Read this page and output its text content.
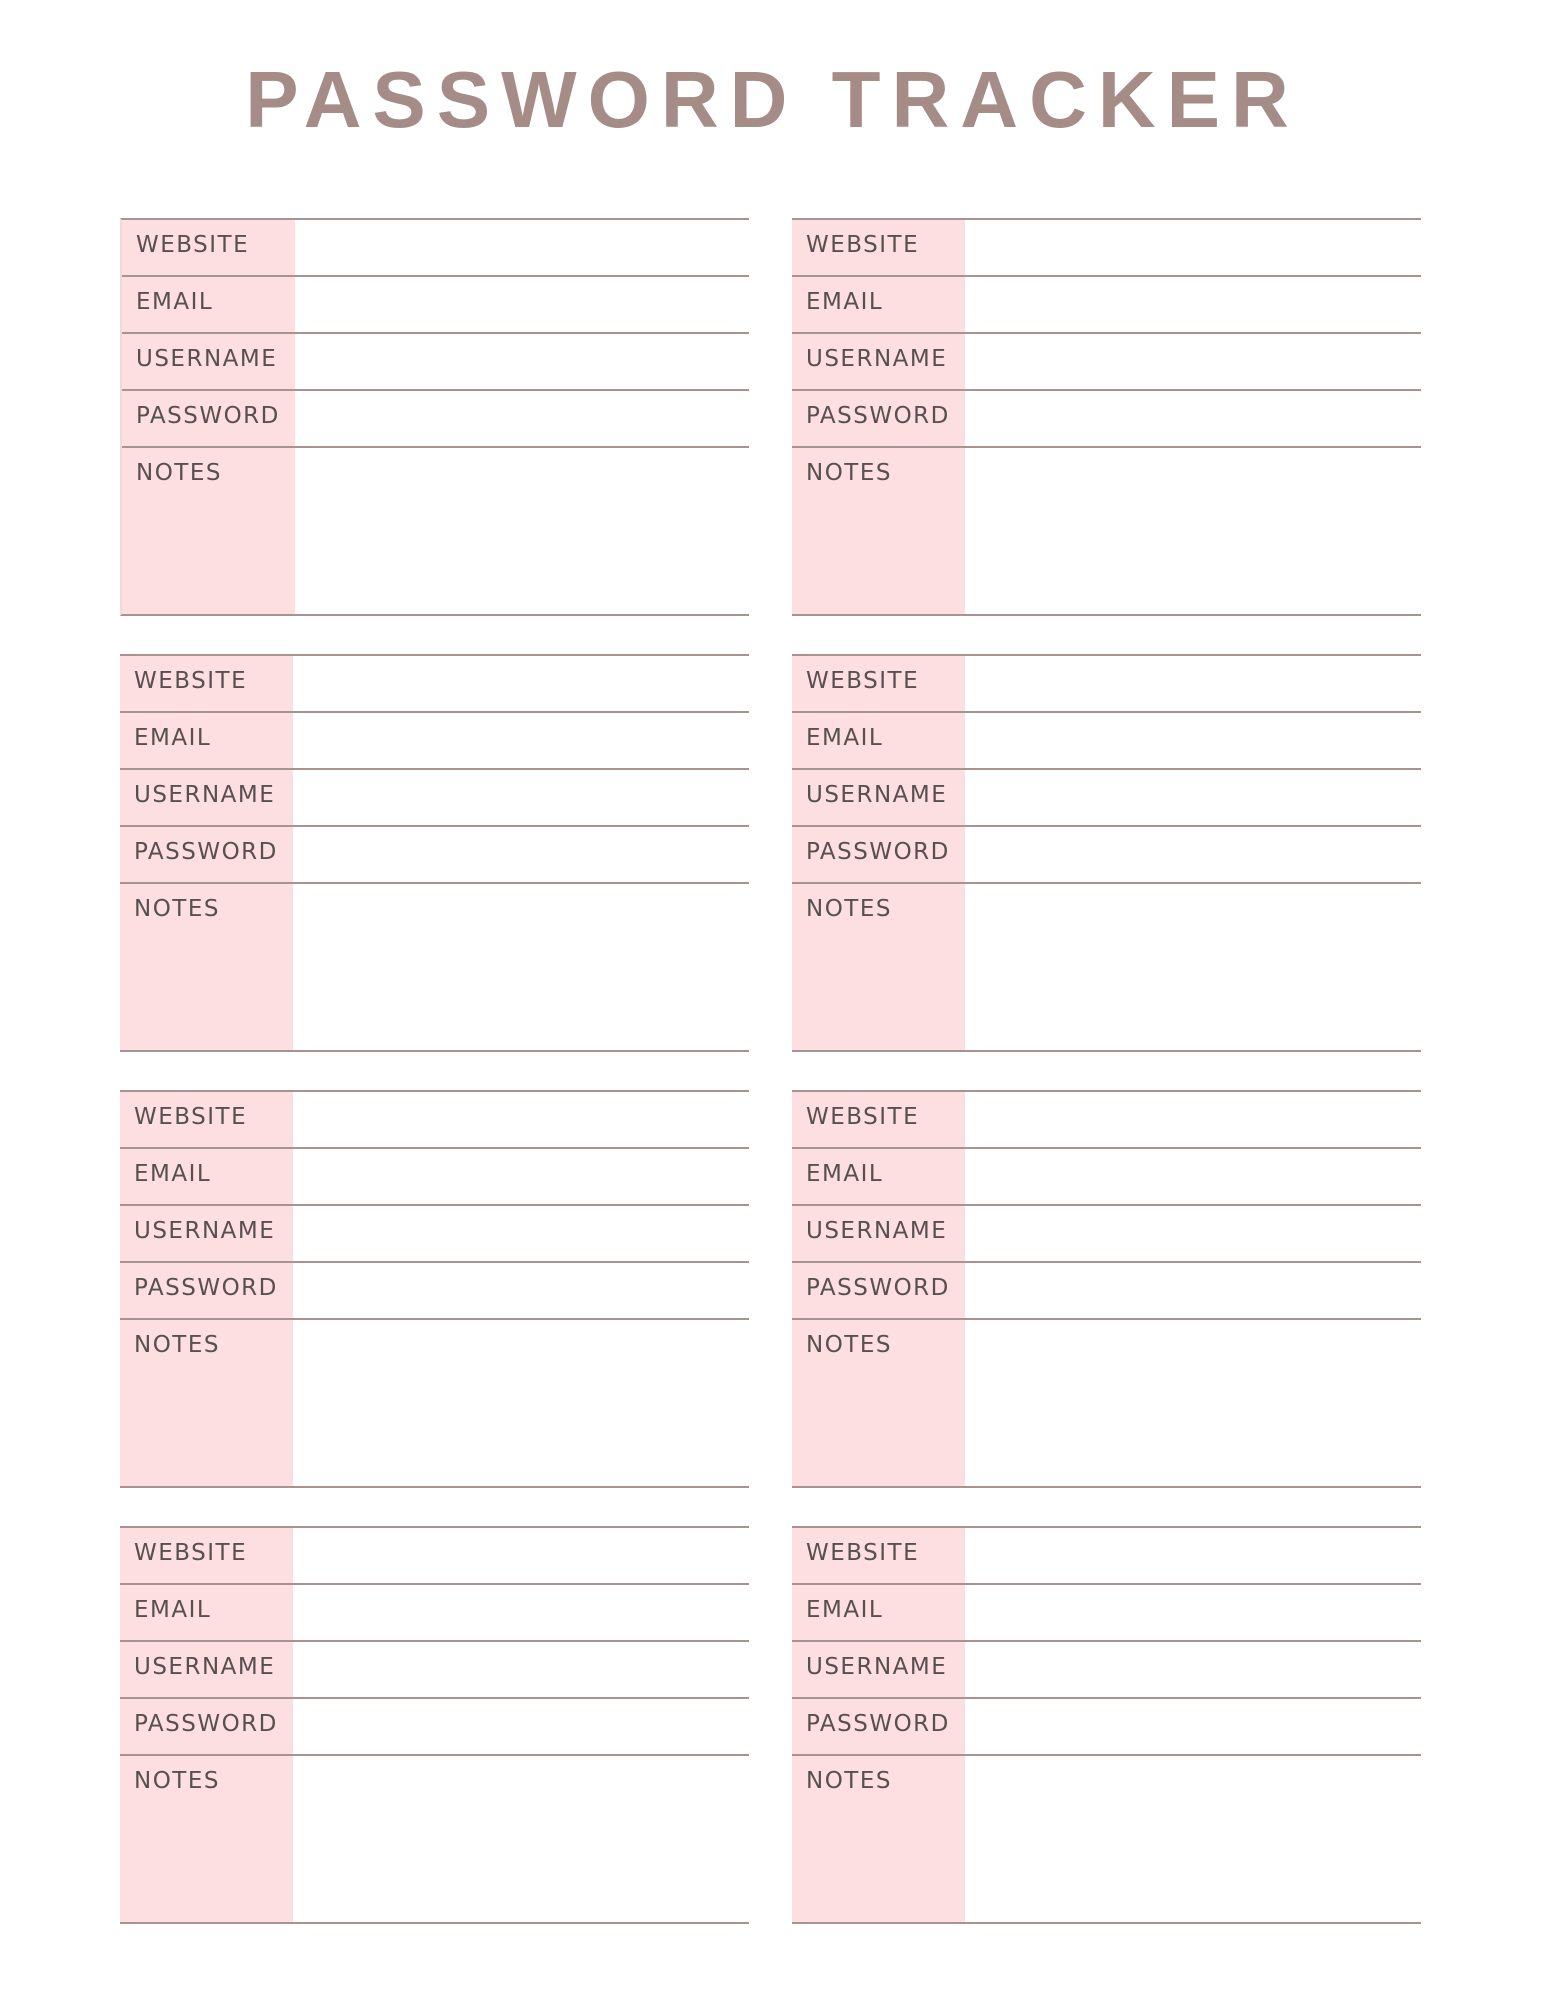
PASSWORD TRACKER
WEBSITE
EMAIL
USERNAME
PASSWORD
NOTES
WEBSITE
EMAIL
USERNAME
PASSWORD
NOTES
WEBSITE
EMAIL
USERNAME
PASSWORD
NOTES
WEBSITE
EMAIL
USERNAME
PASSWORD
NOTES
WEBSITE
EMAIL
USERNAME
PASSWORD
NOTES
WEBSITE
EMAIL
USERNAME
PASSWORD
NOTES
WEBSITE
EMAIL
USERNAME
PASSWORD
NOTES
WEBSITE
EMAIL
USERNAME
PASSWORD
NOTES
